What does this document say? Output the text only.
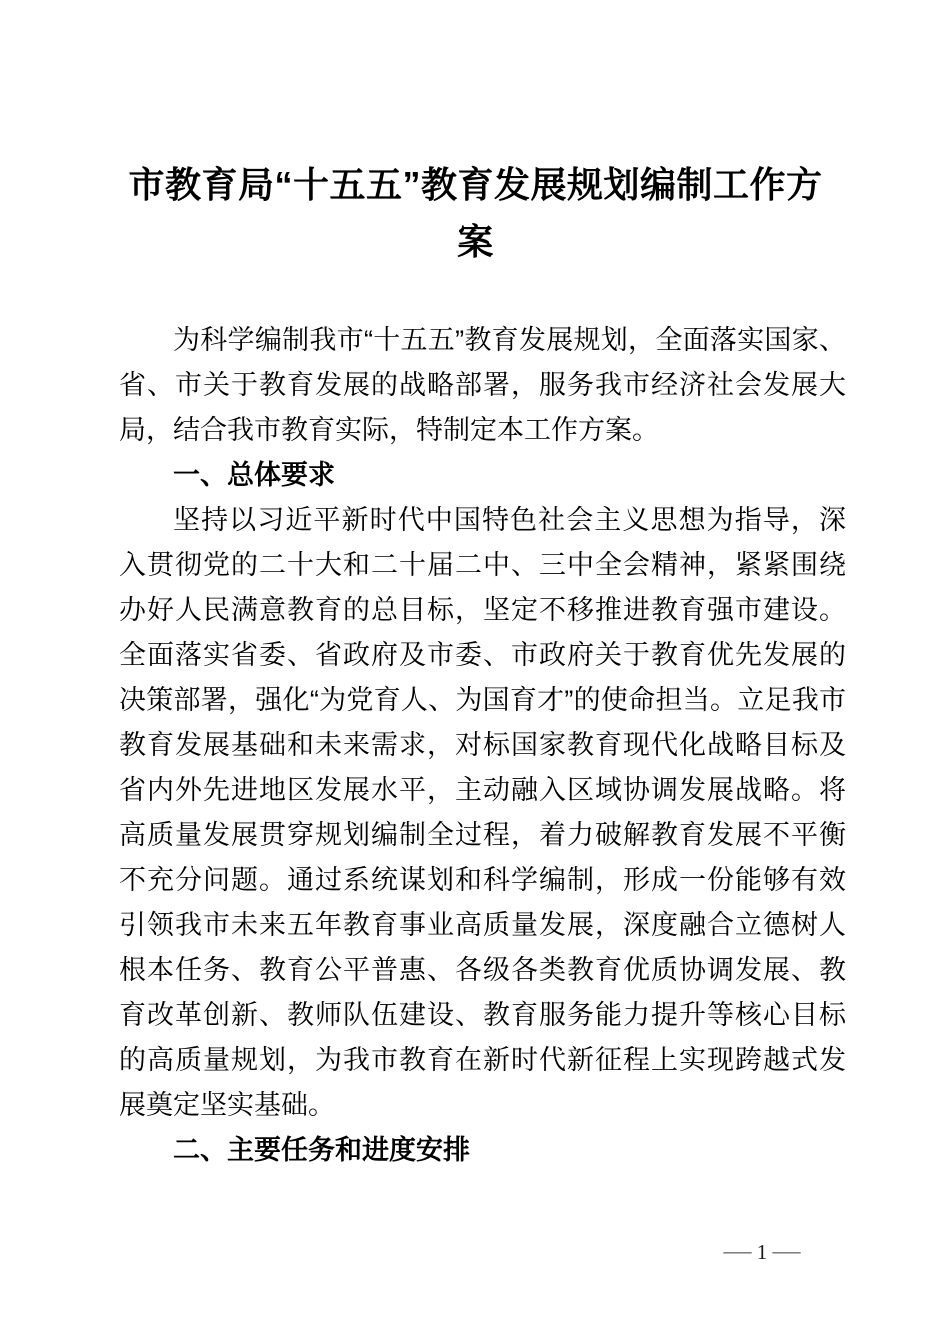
市教育局“十五五”教育发展规划编制工作方案

为科学编制我市“十五五”教育发展规划，全面落实国家、省、市关于教育发展的战略部署，服务我市经济社会发展大局，结合我市教育实际，特制定本工作方案。

一、总体要求

坚持以习近平新时代中国特色社会主义思想为指导，深入贯彻党的二十大和二十届二中、三中全会精神，紧紧围绕办好人民满意教育的总目标，坚定不移推进教育强市建设。全面落实省委、省政府及市委、市政府关于教育优先发展的决策部署，强化“为党育人、为国育才”的使命担当。立足我市教育发展基础和未来需求，对标国家教育现代化战略目标及省内外先进地区发展水平，主动融入区域协调发展战略。将高质量发展贯穿规划编制全过程，着力破解教育发展不平衡不充分问题。通过系统谋划和科学编制，形成一份能够有效引领我市未来五年教育事业高质量发展，深度融合立德树人根本任务、教育公平普惠、各级各类教育优质协调发展、教育改革创新、教师队伍建设、教育服务能力提升等核心目标的高质量规划，为我市教育在新时代新征程上实现跨越式发展奠定坚实基础。

二、主要任务和进度安排

— 1 —
